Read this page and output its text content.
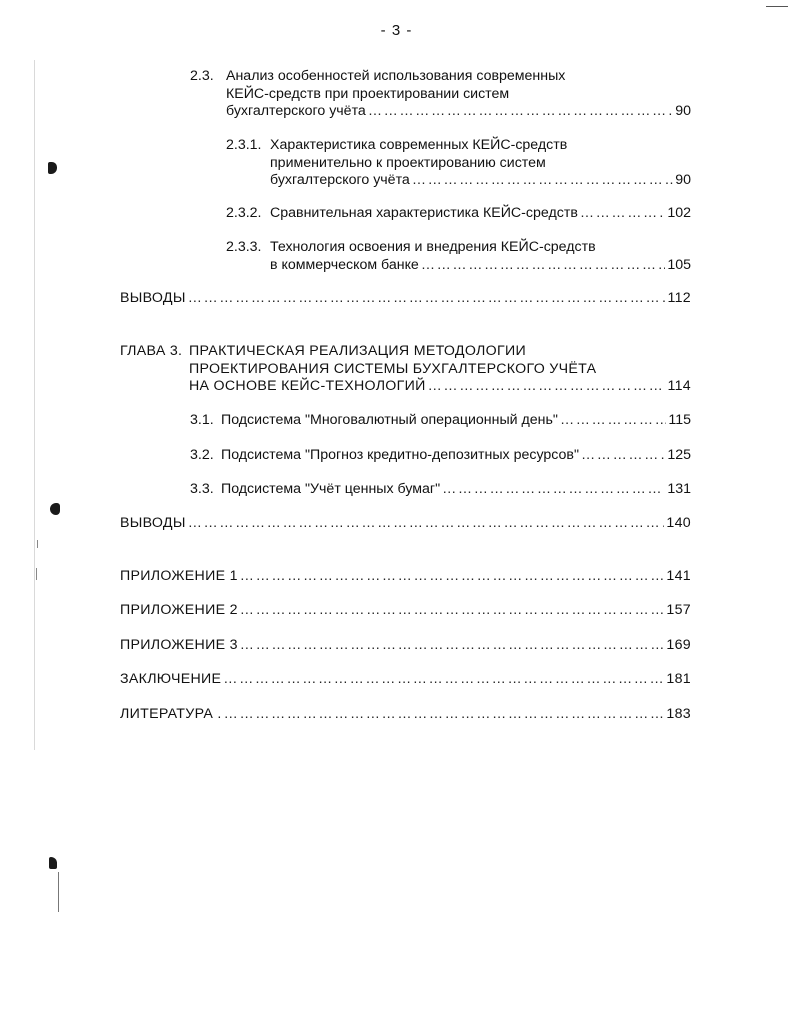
- 3 -
2.3. Анализ особенностей использования современных
КЕЙС-средств при проектировании систем
бухгалтерского учёта ………………………………………………………………………………………………………………………………………………………………………………………………………………………………………	90
2.3.1. Характеристика современных КЕЙС-средств
применительно к проектированию систем
бухгалтерского учёта ………………………………………………………………………………………………………………………………………………………………………………………………………………………………………	90
2.3.2. Сравнительная характеристика КЕЙС-средств ………………………………………………………………………………………………………………………………………………………………………………………………………………………………………	102
2.3.3. Технология освоения и внедрения КЕЙС-средств
в коммерческом банке ………………………………………………………………………………………………………………………………………………………………………………………………………………………………………	105
ВЫВОДЫ ………………………………………………………………………………………………………………………………………………………………………………………………………………………………………	112
ГЛАВА 3. ПРАКТИЧЕСКАЯ РЕАЛИЗАЦИЯ МЕТОДОЛОГИИ
ПРОЕКТИРОВАНИЯ СИСТЕМЫ БУХГАЛТЕРСКОГО УЧЁТА
НА ОСНОВЕ КЕЙС-ТЕХНОЛОГИЙ ………………………………………………………………………………………………………………………………………………………………………………………………………………………………………	114
3.1. Подсистема "Многовалютный операционный день" ………………………………………………………………………………………………………………………………………………………………………………………………………………………………………	115
3.2. Подсистема "Прогноз кредитно-депозитных ресурсов" ………………………………………………………………………………………………………………………………………………………………………………………………………………………………………	125
3.3. Подсистема "Учёт ценных бумаг" ………………………………………………………………………………………………………………………………………………………………………………………………………………………………………	131
ВЫВОДЫ ………………………………………………………………………………………………………………………………………………………………………………………………………………………………………	140
ПРИЛОЖЕНИЕ 1 ………………………………………………………………………………………………………………………………………………………………………………………………………………………………………	141
ПРИЛОЖЕНИЕ 2 ………………………………………………………………………………………………………………………………………………………………………………………………………………………………………	157
ПРИЛОЖЕНИЕ 3 ………………………………………………………………………………………………………………………………………………………………………………………………………………………………………	169
ЗАКЛЮЧЕНИЕ ………………………………………………………………………………………………………………………………………………………………………………………………………………………………………	181
ЛИТЕРАТУРА . ………………………………………………………………………………………………………………………………………………………………………………………………………………………………………	183
